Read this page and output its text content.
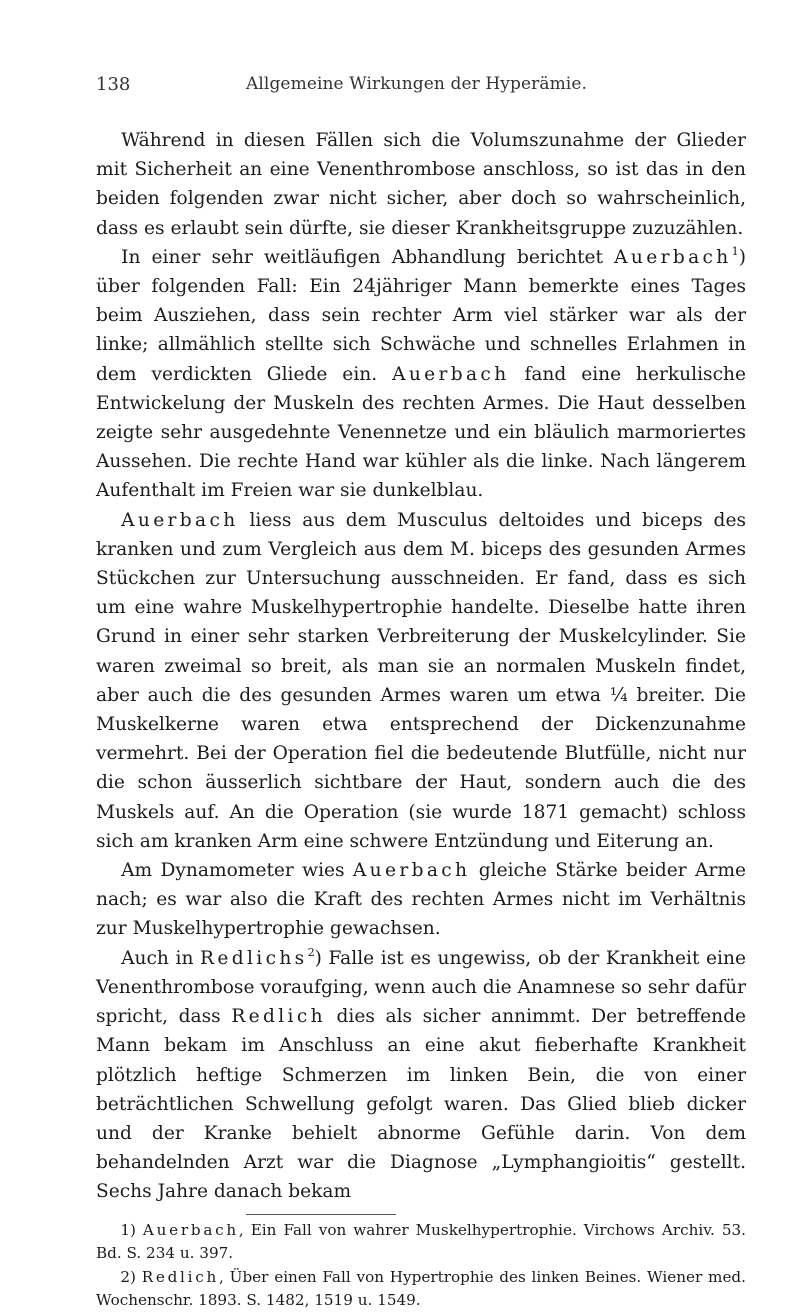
138	Allgemeine Wirkungen der Hyperämie.

Während in diesen Fällen sich die Volumszunahme der Glieder mit Sicherheit an eine Venenthrombose anschloss, so ist das in den beiden folgenden zwar nicht sicher, aber doch so wahrscheinlich, dass es erlaubt sein dürfte, sie dieser Krankheitsgruppe zuzuzählen.

In einer sehr weitläufigen Abhandlung berichtet Auerbach$^1$) über folgenden Fall: Ein 24jähriger Mann bemerkte eines Tages beim Ausziehen, dass sein rechter Arm viel stärker war als der linke; allmählich stellte sich Schwäche und schnelles Erlahmen in dem verdickten Gliede ein. Auerbach fand eine herkulische Entwickelung der Muskeln des rechten Armes. Die Haut desselben zeigte sehr ausgedehnte Venennetze und ein bläulich marmoriertes Aussehen. Die rechte Hand war kühler als die linke. Nach längerem Aufenthalt im Freien war sie dunkelblau.

Auerbach liess aus dem Musculus deltoides und biceps des kranken und zum Vergleich aus dem M. biceps des gesunden Armes Stückchen zur Untersuchung ausschneiden. Er fand, dass es sich um eine wahre Muskelhypertrophie handelte. Dieselbe hatte ihren Grund in einer sehr starken Verbreiterung der Muskelcylinder. Sie waren zweimal so breit, als man sie an normalen Muskeln findet, aber auch die des gesunden Armes waren um etwa ¼ breiter. Die Muskelkerne waren etwa entsprechend der Dickenzunahme vermehrt. Bei der Operation fiel die bedeutende Blutfülle, nicht nur die schon äusserlich sichtbare der Haut, sondern auch die des Muskels auf. An die Operation (sie wurde 1871 gemacht) schloss sich am kranken Arm eine schwere Entzündung und Eiterung an.

Am Dynamometer wies Auerbach gleiche Stärke beider Arme nach; es war also die Kraft des rechten Armes nicht im Verhältnis zur Muskelhypertrophie gewachsen.

Auch in Redlichs$^2$) Falle ist es ungewiss, ob der Krankheit eine Venenthrombose voraufging, wenn auch die Anamnese so sehr dafür spricht, dass Redlich dies als sicher annimmt. Der betreffende Mann bekam im Anschluss an eine akut fieberhafte Krankheit plötzlich heftige Schmerzen im linken Bein, die von einer beträchtlichen Schwellung gefolgt waren. Das Glied blieb dicker und der Kranke behielt abnorme Gefühle darin. Von dem behandelnden Arzt war die Diagnose „Lymphangioitis“ gestellt. Sechs Jahre danach bekam

1) Auerbach, Ein Fall von wahrer Muskelhypertrophie. Virchows Archiv. 53. Bd. S. 234 u. 397.

2) Redlich, Über einen Fall von Hypertrophie des linken Beines. Wiener med. Wochenschr. 1893. S. 1482, 1519 u. 1549.
